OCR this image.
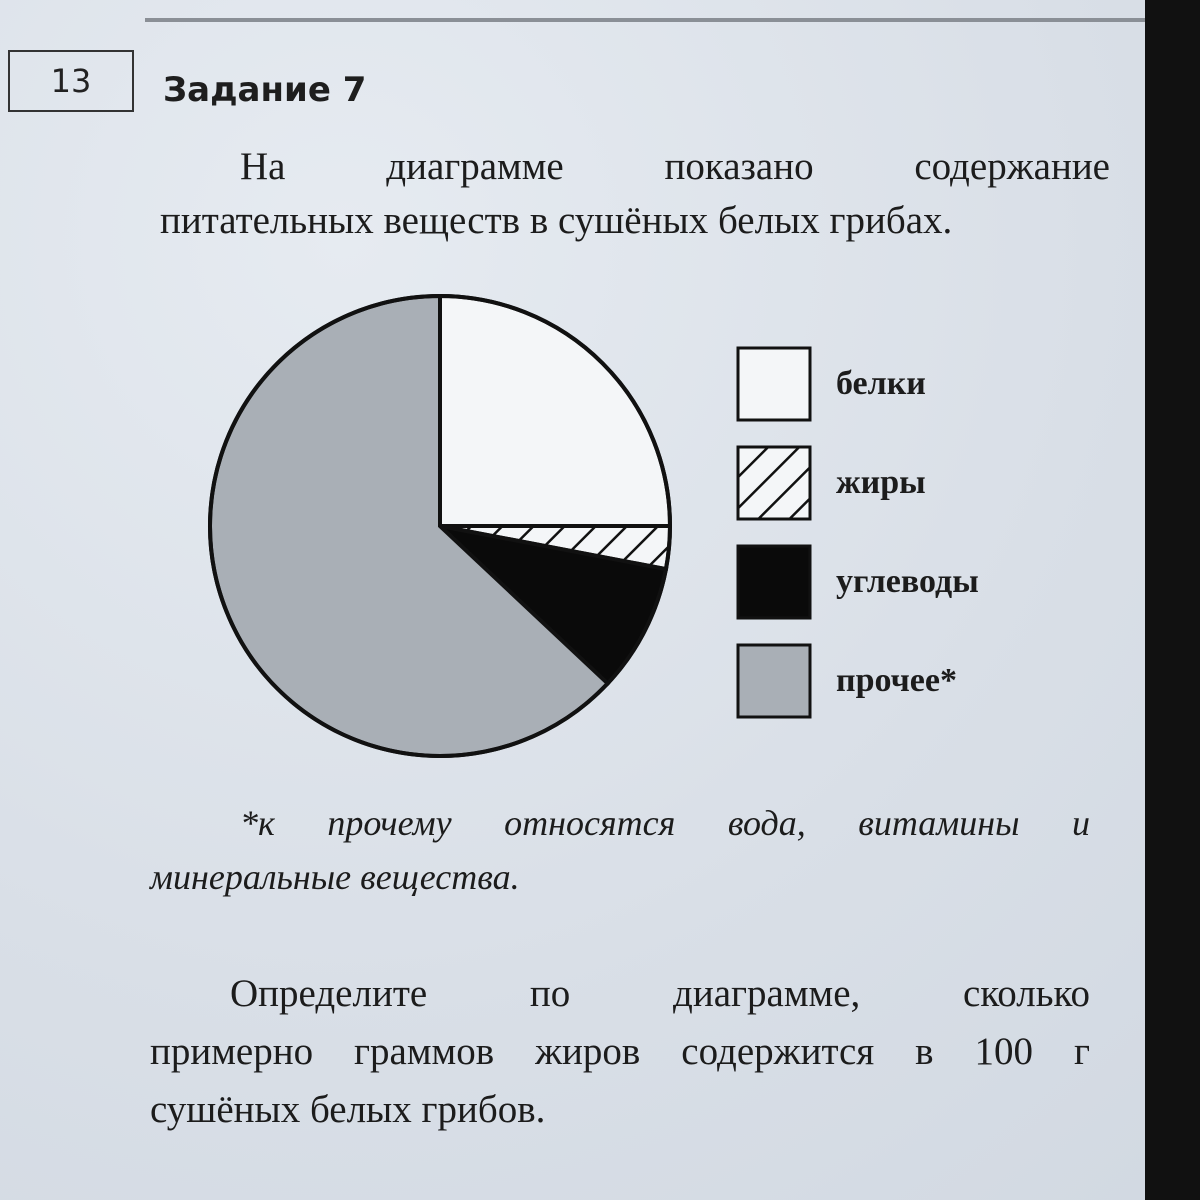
13	Задание 7
На диаграмме показано содержание
питательных веществ в сушёных белых грибах.
белки
жиры
углеводы
прочее*
*к прочему относятся вода, витамины и
минеральные вещества.
Определите по диаграмме, сколько
примерно граммов жиров содержится в 100 г
сушёных белых грибов.
